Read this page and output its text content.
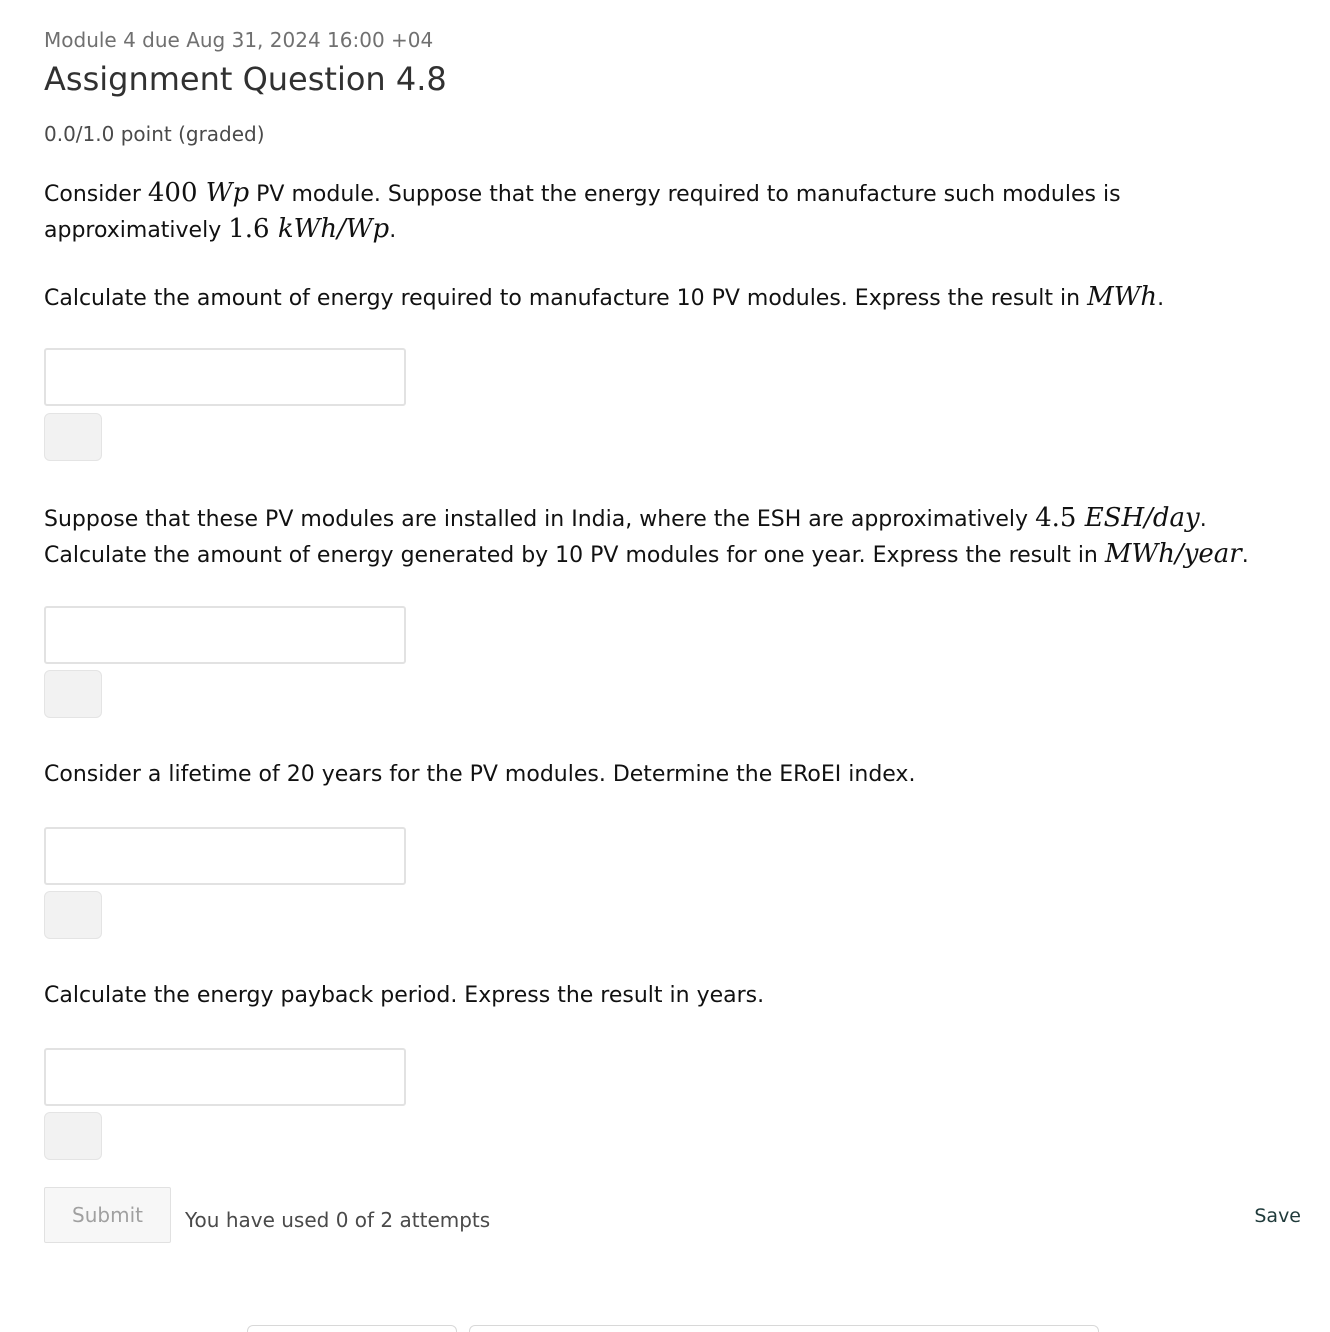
Module 4 due Aug 31, 2024 16:00 +04
Assignment Question 4.8
0.0/1.0 point (graded)
Consider 400 Wp PV module. Suppose that the energy required to manufacture such modules is
approximatively 1.6 kWh/Wp.
Calculate the amount of energy required to manufacture 10 PV modules. Express the result in MWh.
Suppose that these PV modules are installed in India, where the ESH are approximatively 4.5 ESH/day.
Calculate the amount of energy generated by 10 PV modules for one year. Express the result in MWh/year.
Consider a lifetime of 20 years for the PV modules. Determine the ERoEI index.
Calculate the energy payback period. Express the result in years.
Submit	You have used 0 of 2 attempts	Save
